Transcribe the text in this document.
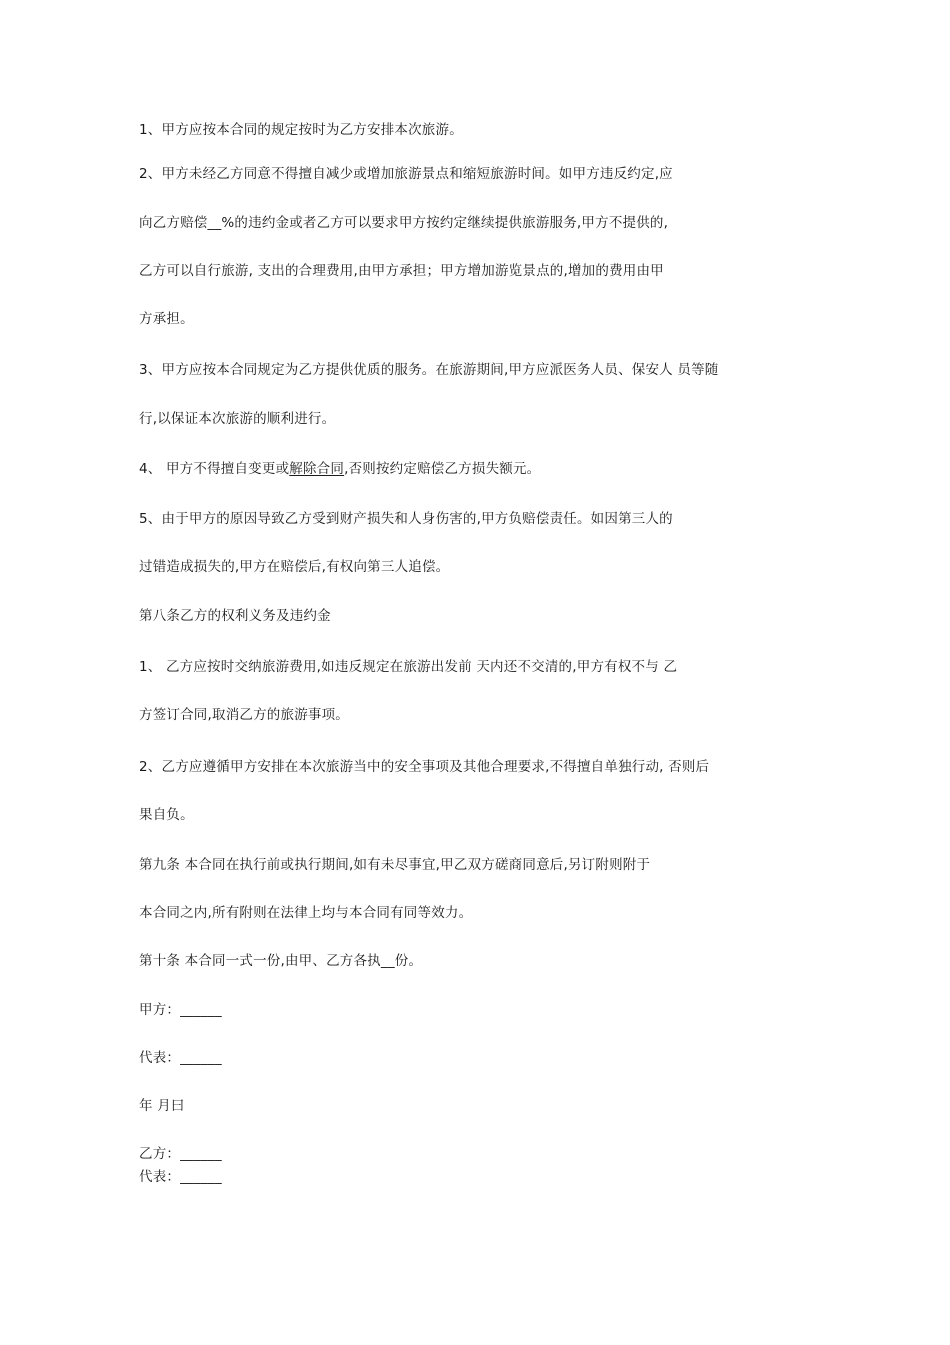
1、甲方应按本合同的规定按时为乙方安排本次旅游。
2、甲方未经乙方同意不得擅自减少或增加旅游景点和缩短旅游时间。如甲方违反约定,应
向乙方赔偿__%的违约金或者乙方可以要求甲方按约定继续提供旅游服务,甲方不提供的,
乙方可以自行旅游, 支出的合理费用,由甲方承担；甲方增加游览景点的,增加的费用由甲
方承担。
3、甲方应按本合同规定为乙方提供优质的服务。在旅游期间,甲方应派医务人员、保安人 员等随
行,以保证本次旅游的顺利进行。
4、 甲方不得擅自变更或解除合同,否则按约定赔偿乙方损失额元。
5、由于甲方的原因导致乙方受到财产损失和人身伤害的,甲方负赔偿责任。如因第三人的
过错造成损失的,甲方在赔偿后,有权向第三人追偿。
第八条乙方的权利义务及违约金
1、 乙方应按时交纳旅游费用,如违反规定在旅游出发前 天内还不交清的,甲方有权不与 乙
方签订合同,取消乙方的旅游事项。
2、乙方应遵循甲方安排在本次旅游当中的安全事项及其他合理要求,不得擅自单独行动, 否则后
果自负。
第九条 本合同在执行前或执行期间,如有未尽事宜,甲乙双方磋商同意后,另订附则附于
本合同之内,所有附则在法律上均与本合同有同等效力。
第十条 本合同一式一份,由甲、乙方各执__份。
甲方：______
代表：______
年 月曰
乙方：______
代表：______
